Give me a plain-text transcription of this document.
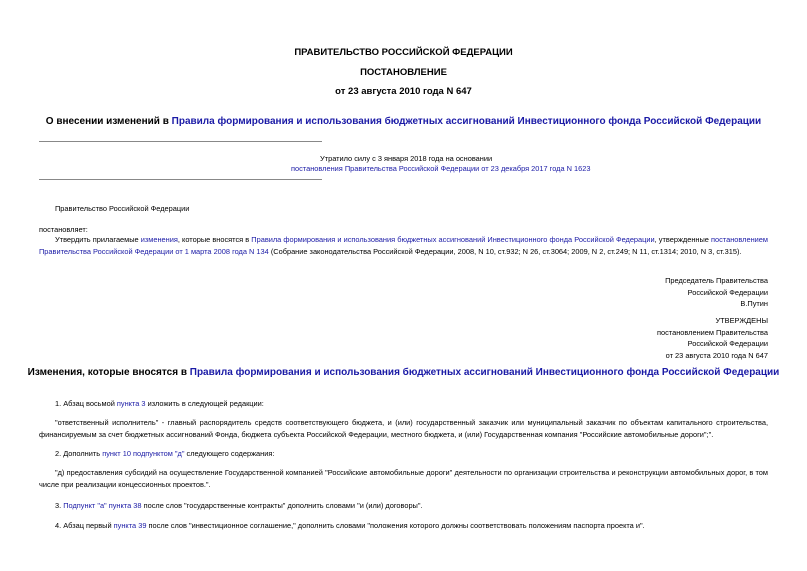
ПРАВИТЕЛЬСТВО РОССИЙСКОЙ ФЕДЕРАЦИИ
ПОСТАНОВЛЕНИЕ
от 23 августа 2010 года N 647
О внесении изменений в Правила формирования и использования бюджетных ассигнований Инвестиционного фонда Российской Федерации
Утратило силу с 3 января 2018 года на основании
постановления Правительства Российской Федерации от 23 декабря 2017 года N 1623
Правительство Российской Федерации
постановляет:
Утвердить прилагаемые изменения, которые вносятся в Правила формирования и использования бюджетных ассигнований Инвестиционного фонда Российской Федерации, утвержденные постановлением Правительства Российской Федерации от 1 марта 2008 года N 134 (Собрание законодательства Российской Федерации, 2008, N 10, ст.932; N 26, ст.3064; 2009, N 2, ст.249; N 11, ст.1314; 2010, N 3, ст.315).
Председатель Правительства
Российской Федерации
В.Путин
УТВЕРЖДЕНЫ
постановлением Правительства
Российской Федерации
от 23 августа 2010 года N 647
Изменения, которые вносятся в Правила формирования и использования бюджетных ассигнований Инвестиционного фонда Российской Федерации
1. Абзац восьмой пункта 3 изложить в следующей редакции:
"ответственный исполнитель" - главный распорядитель средств соответствующего бюджета, и (или) государственный заказчик или муниципальный заказчик по объектам капитального строительства, финансируемым за счет бюджетных ассигнований Фонда, бюджета субъекта Российской Федерации, местного бюджета, и (или) Государственная компания "Российские автомобильные дороги";".
2. Дополнить пункт 10 подпунктом "д" следующего содержания:
"д) предоставления субсидий на осуществление Государственной компанией "Российские автомобильные дороги" деятельности по организации строительства и реконструкции автомобильных дорог, в том числе при реализации концессионных проектов.".
3. Подпункт "а" пункта 38 после слов "государственные контракты" дополнить словами "и (или) договоры".
4. Абзац первый пункта 39 после слов "инвестиционное соглашение," дополнить словами "положения которого должны соответствовать положениям паспорта проекта и".
